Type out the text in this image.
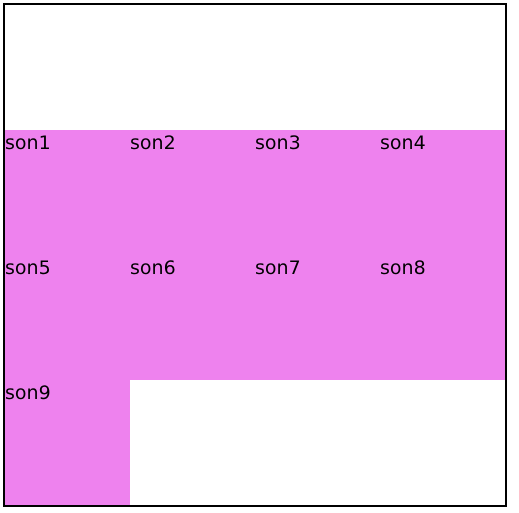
son1	son2	son3	son4
son5	son6	son7	son8
son9
